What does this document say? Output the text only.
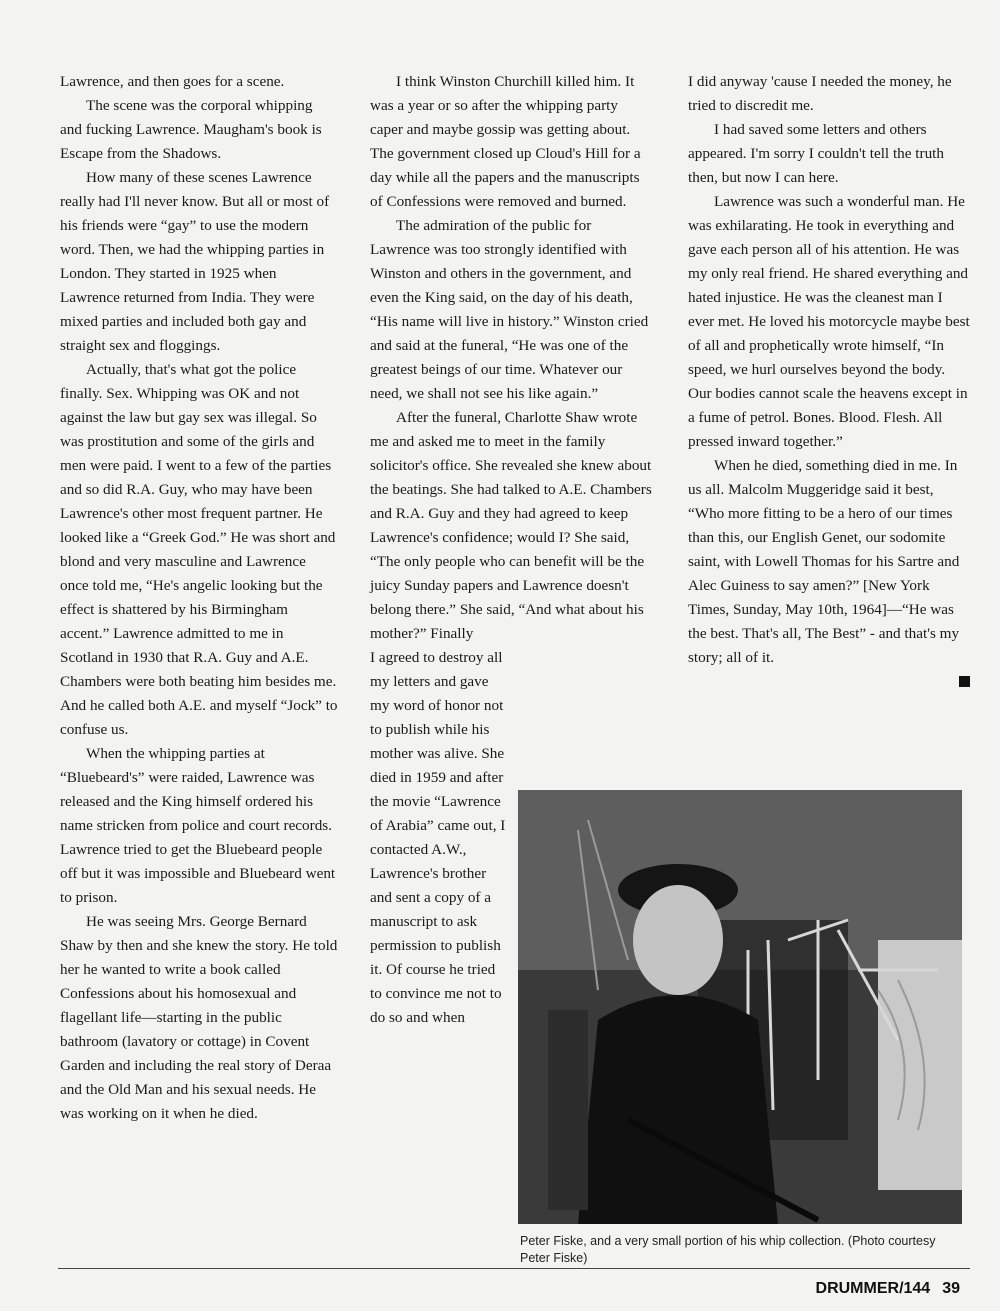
Lawrence, and then goes for a scene.

The scene was the corporal whipping and fucking Lawrence. Maugham's book is Escape from the Shadows.

How many of these scenes Lawrence really had I'll never know. But all or most of his friends were “gay” to use the modern word. Then, we had the whipping parties in London. They started in 1925 when Lawrence returned from India. They were mixed parties and included both gay and straight sex and floggings.

Actually, that's what got the police finally. Sex. Whipping was OK and not against the law but gay sex was illegal. So was prostitution and some of the girls and men were paid. I went to a few of the parties and so did R.A. Guy, who may have been Lawrence's other most frequent partner. He looked like a “Greek God.” He was short and blond and very masculine and Lawrence once told me, “He's angelic looking but the effect is shattered by his Birmingham accent.” Lawrence admitted to me in Scotland in 1930 that R.A. Guy and A.E. Chambers were both beating him besides me. And he called both A.E. and myself “Jock” to confuse us.

When the whipping parties at “Bluebeard's” were raided, Lawrence was released and the King himself ordered his name stricken from police and court records. Lawrence tried to get the Bluebeard people off but it was impossible and Bluebeard went to prison.

He was seeing Mrs. George Bernard Shaw by then and she knew the story. He told her he wanted to write a book called Confessions about his homosexual and flagellant life—starting in the public bathroom (lavatory or cottage) in Covent Garden and including the real story of Deraa and the Old Man and his sexual needs. He was working on it when he died.

I think Winston Churchill killed him. It was a year or so after the whipping party caper and maybe gossip was getting about. The government closed up Cloud's Hill for a day while all the papers and the manuscripts of Confessions were removed and burned.

The admiration of the public for Lawrence was too strongly identified with Winston and others in the government, and even the King said, on the day of his death, “His name will live in history.” Winston cried and said at the funeral, “He was one of the greatest beings of our time. Whatever our need, we shall not see his like again.”

After the funeral, Charlotte Shaw wrote me and asked me to meet in the family solicitor's office. She revealed she knew about the beatings. She had talked to A.E. Chambers and R.A. Guy and they had agreed to keep Lawrence's confidence; would I? She said, “The only people who can benefit will be the juicy Sunday papers and Lawrence doesn't belong there.” She said, “And what about his mother?” Finally

I agreed to destroy all my letters and gave my word of honor not to publish while his mother was alive. She died in 1959 and after the movie “Lawrence of Arabia” came out, I contacted A.W., Lawrence's brother and sent a copy of a manuscript to ask permission to publish it. Of course he tried to convince me not to do so and when

I did anyway 'cause I needed the money, he tried to discredit me.

I had saved some letters and others appeared. I'm sorry I couldn't tell the truth then, but now I can here.

Lawrence was such a wonderful man. He was exhilarating. He took in everything and gave each person all of his attention. He was my only real friend. He shared everything and hated injustice. He was the cleanest man I ever met. He loved his motorcycle maybe best of all and prophetically wrote himself, “In speed, we hurl ourselves beyond the body. Our bodies cannot scale the heavens except in a fume of petrol. Bones. Blood. Flesh. All pressed inward together.”

When he died, something died in me. In us all. Malcolm Muggeridge said it best, “Who more fitting to be a hero of our times than this, our English Genet, our sodomite saint, with Lowell Thomas for his Sartre and Alec Guiness to say amen?” [New York Times, Sunday, May 10th, 1964]—“He was the best. That's all, The Best” - and that's my story; all of it.

Peter Fiske, and a very small portion of his whip collection. (Photo courtesy Peter Fiske)
DRUMMER/144 39
